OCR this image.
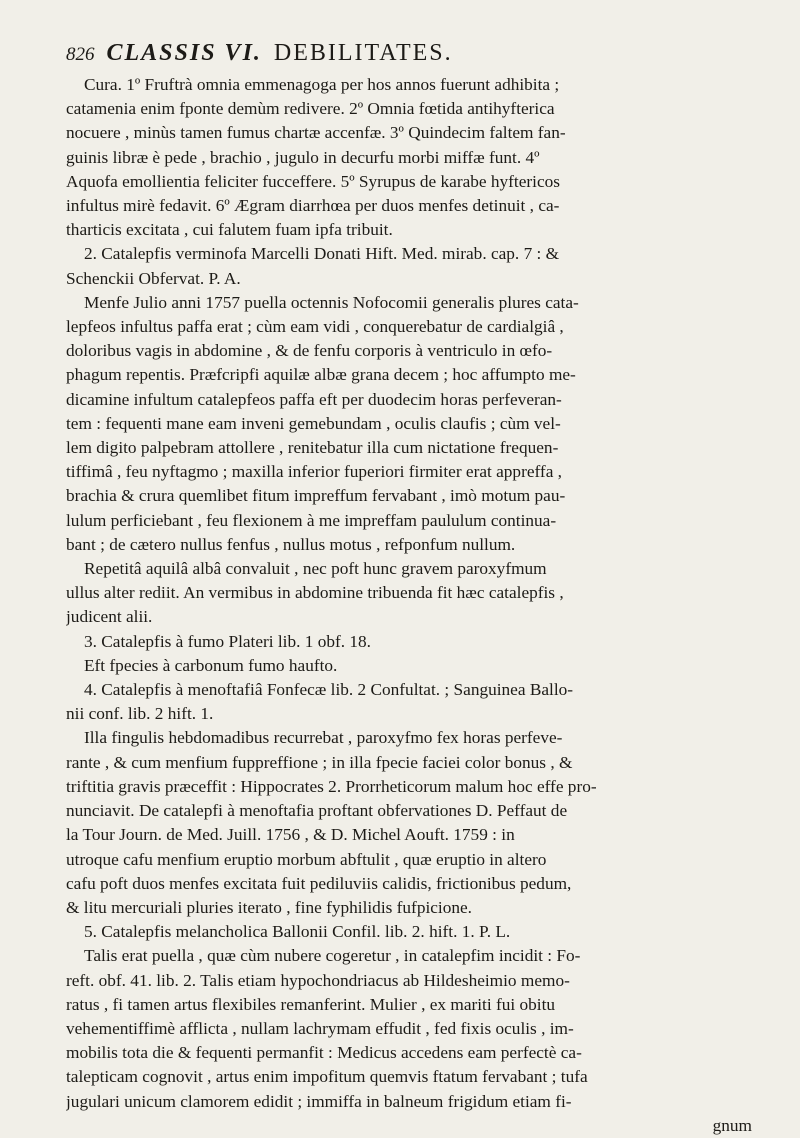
826 CLASSIS VI. DEBILITATES.
Cura. 1º Fruftrà omnia emmenagoga per hos annos fuerunt adhibita ;
catamenia enim fponte demùm redivere. 2º Omnia fœtida antihyfterica
nocuere , minùs tamen fumus chartæ accenfæ. 3º Quindecim faltem fan-
guinis libræ è pede , brachio , jugulo in decurfu morbi miffæ funt. 4º
Aquofa emollientia feliciter fucceffere. 5º Syrupus de karabe hyftericos
infultus mirè fedavit. 6º Ægram diarrhœa per duos menfes detinuit , ca-
tharticis excitata , cui falutem fuam ipfa tribuit.
2. Catalepfis verminofa Marcelli Donati Hift. Med. mirab. cap. 7 : &
Schenckii Obfervat. P. A.
Menfe Julio anni 1757 puella octennis Nofocomii generalis plures cata-
lepfeos infultus paffa erat ; cùm eam vidi , conquerebatur de cardialgiâ ,
doloribus vagis in abdomine , & de fenfu corporis à ventriculo in œfo-
phagum repentis. Præfcripfi aquilæ albæ grana decem ; hoc affumpto me-
dicamine infultum catalepfeos paffa eft per duodecim horas perfeveran-
tem : fequenti mane eam inveni gemebundam , oculis claufis ; cùm vel-
lem digito palpebram attollere , renitebatur illa cum nictatione frequen-
tiffimâ , feu nyftagmo ; maxilla inferior fuperiori firmiter erat appreffa ,
brachia & crura quemlibet fitum impreffum fervabant , imò motum pau-
lulum perficiebant , feu flexionem à me impreffam paululum continua-
bant ; de cætero nullus fenfus , nullus motus , refponfum nullum.
Repetitâ aquilâ albâ convaluit , nec poft hunc gravem paroxyfmum
ullus alter rediit. An vermibus in abdomine tribuenda fit hæc catalepfis ,
judicent alii.
3. Catalepfis à fumo Plateri lib. 1 obf. 18.
Eft fpecies à carbonum fumo haufto.
4. Catalepfis à menoftafiâ Fonfecæ lib. 2 Confultat. ; Sanguinea Ballo-
nii conf. lib. 2 hift. 1.
Illa fingulis hebdomadibus recurrebat , paroxyfmo fex horas perfeve-
rante , & cum menfium fuppreffione ; in illa fpecie faciei color bonus , &
triftitia gravis præceffit : Hippocrates 2. Prorrheticorum malum hoc effe pro-
nunciavit. De catalepfi à menoftafia proftant obfervationes D. Peffaut de
la Tour Journ. de Med. Juill. 1756 , & D. Michel Aouft. 1759 : in
utroque cafu menfium eruptio morbum abftulit , quæ eruptio in altero
cafu poft duos menfes excitata fuit pediluviis calidis, frictionibus pedum,
& litu mercuriali pluries iterato , fine fyphilidis fufpicione.
5. Catalepfis melancholica Ballonii Confil. lib. 2. hift. 1. P. L.
Talis erat puella , quæ cùm nubere cogeretur , in catalepfim incidit : Fo-
reft. obf. 41. lib. 2. Talis etiam hypochondriacus ab Hildesheimio memo-
ratus , fi tamen artus flexibiles remanferint. Mulier , ex mariti fui obitu
vehementiffimè afflicta , nullam lachrymam effudit , fed fixis oculis , im-
mobilis tota die & fequenti permanfit : Medicus accedens eam perfectè ca-
talepticam cognovit , artus enim impofitum quemvis ftatum fervabant ; tufa
jugulari unicum clamorem edidit ; immiffa in balneum frigidum etiam fi-
gnum
